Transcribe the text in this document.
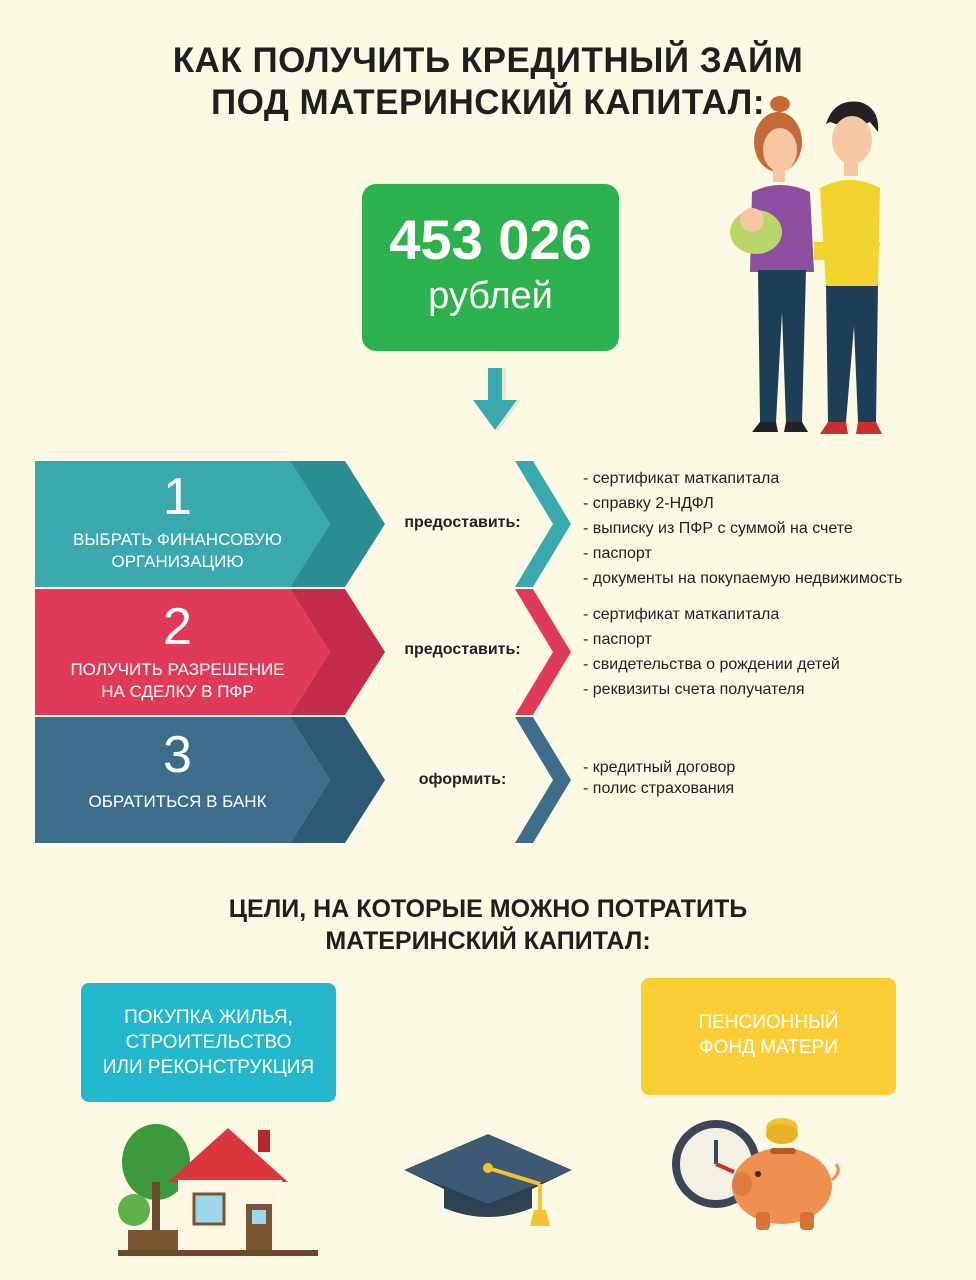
КАК ПОЛУЧИТЬ КРЕДИТНЫЙ ЗАЙМ
ПОД МАТЕРИНСКИЙ КАПИТАЛ:
453 026
рублей
1
ВЫБРАТЬ ФИНАНСОВУЮ
ОРГАНИЗАЦИЮ
предоставить:
- сертификат маткапитала
- справку 2-НДФЛ
- выписку из ПФР с суммой на счете
- паспорт
- документы на покупаемую недвижимость
2
ПОЛУЧИТЬ РАЗРЕШЕНИЕ
НА СДЕЛКУ В ПФР
предоставить:
- сертификат маткапитала
- паспорт
- свидетельства о рождении детей
- реквизиты счета получателя
3
ОБРАТИТЬСЯ В БАНК
оформить:
- кредитный договор
- полис страхования
ЦЕЛИ, НА КОТОРЫЕ МОЖНО ПОТРАТИТЬ
МАТЕРИНСКИЙ КАПИТАЛ:
ПОКУПКА ЖИЛЬЯ,
СТРОИТЕЛЬСТВО
ИЛИ РЕКОНСТРУКЦИЯ
ОБРАЗОВАНИЕ ДЕТЕЙ
ДО 25 ЛЕТ
ПЕНСИОННЫЙ
ФОНД МАТЕРИ
